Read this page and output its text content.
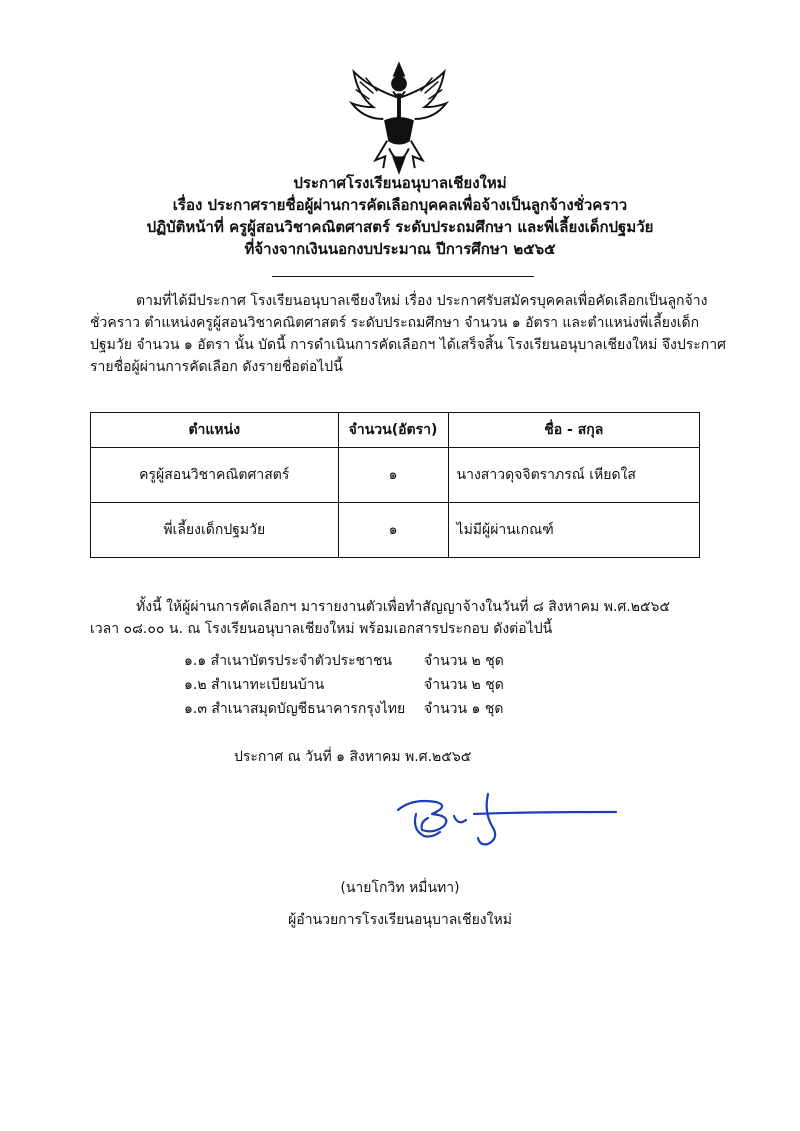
ประกาศโรงเรียนอนุบาลเชียงใหม่
เรื่อง ประกาศรายชื่อผู้ผ่านการคัดเลือกบุคคลเพื่อจ้างเป็นลูกจ้างชั่วคราว
ปฏิบัติหน้าที่ ครูผู้สอนวิชาคณิตศาสตร์ ระดับประถมศึกษา และพี่เลี้ยงเด็กปฐมวัย
ที่จ้างจากเงินนอกงบประมาณ ปีการศึกษา ๒๕๖๕
ตามที่ได้มีประกาศ โรงเรียนอนุบาลเชียงใหม่ เรื่อง ประกาศรับสมัครบุคคลเพื่อคัดเลือกเป็นลูกจ้าง
ชั่วคราว ตำแหน่งครูผู้สอนวิชาคณิตศาสตร์ ระดับประถมศึกษา จำนวน ๑ อัตรา และตำแหน่งพี่เลี้ยงเด็ก
ปฐมวัย จำนวน ๑ อัตรา นั้น บัดนี้ การดำเนินการคัดเลือกฯ ได้เสร็จสิ้น โรงเรียนอนุบาลเชียงใหม่ จึงประกาศ
รายชื่อผู้ผ่านการคัดเลือก ดังรายชื่อต่อไปนี้
ตำแหน่ง	จำนวน(อัตรา)	ชื่อ - สกุล
ครูผู้สอนวิชาคณิตศาสตร์	๑	นางสาวดุจจิตราภรณ์ เหียดใส
พี่เลี้ยงเด็กปฐมวัย	๑	ไม่มีผู้ผ่านเกณฑ์
ทั้งนี้ ให้ผู้ผ่านการคัดเลือกฯ มารายงานตัวเพื่อทำสัญญาจ้างในวันที่ ๘ สิงหาคม พ.ศ.๒๕๖๕
เวลา ๐๘.๐๐ น. ณ โรงเรียนอนุบาลเชียงใหม่ พร้อมเอกสารประกอบ ดังต่อไปนี้
๑.๑ สำเนาบัตรประจำตัวประชาชน	จำนวน ๒ ชุด
๑.๒ สำเนาทะเบียนบ้าน	จำนวน ๒ ชุด
๑.๓ สำเนาสมุดบัญชีธนาคารกรุงไทย	จำนวน ๑ ชุด
ประกาศ ณ วันที่ ๑ สิงหาคม พ.ศ.๒๕๖๕
(นายโกวิท หมื่นทา)
ผู้อำนวยการโรงเรียนอนุบาลเชียงใหม่
